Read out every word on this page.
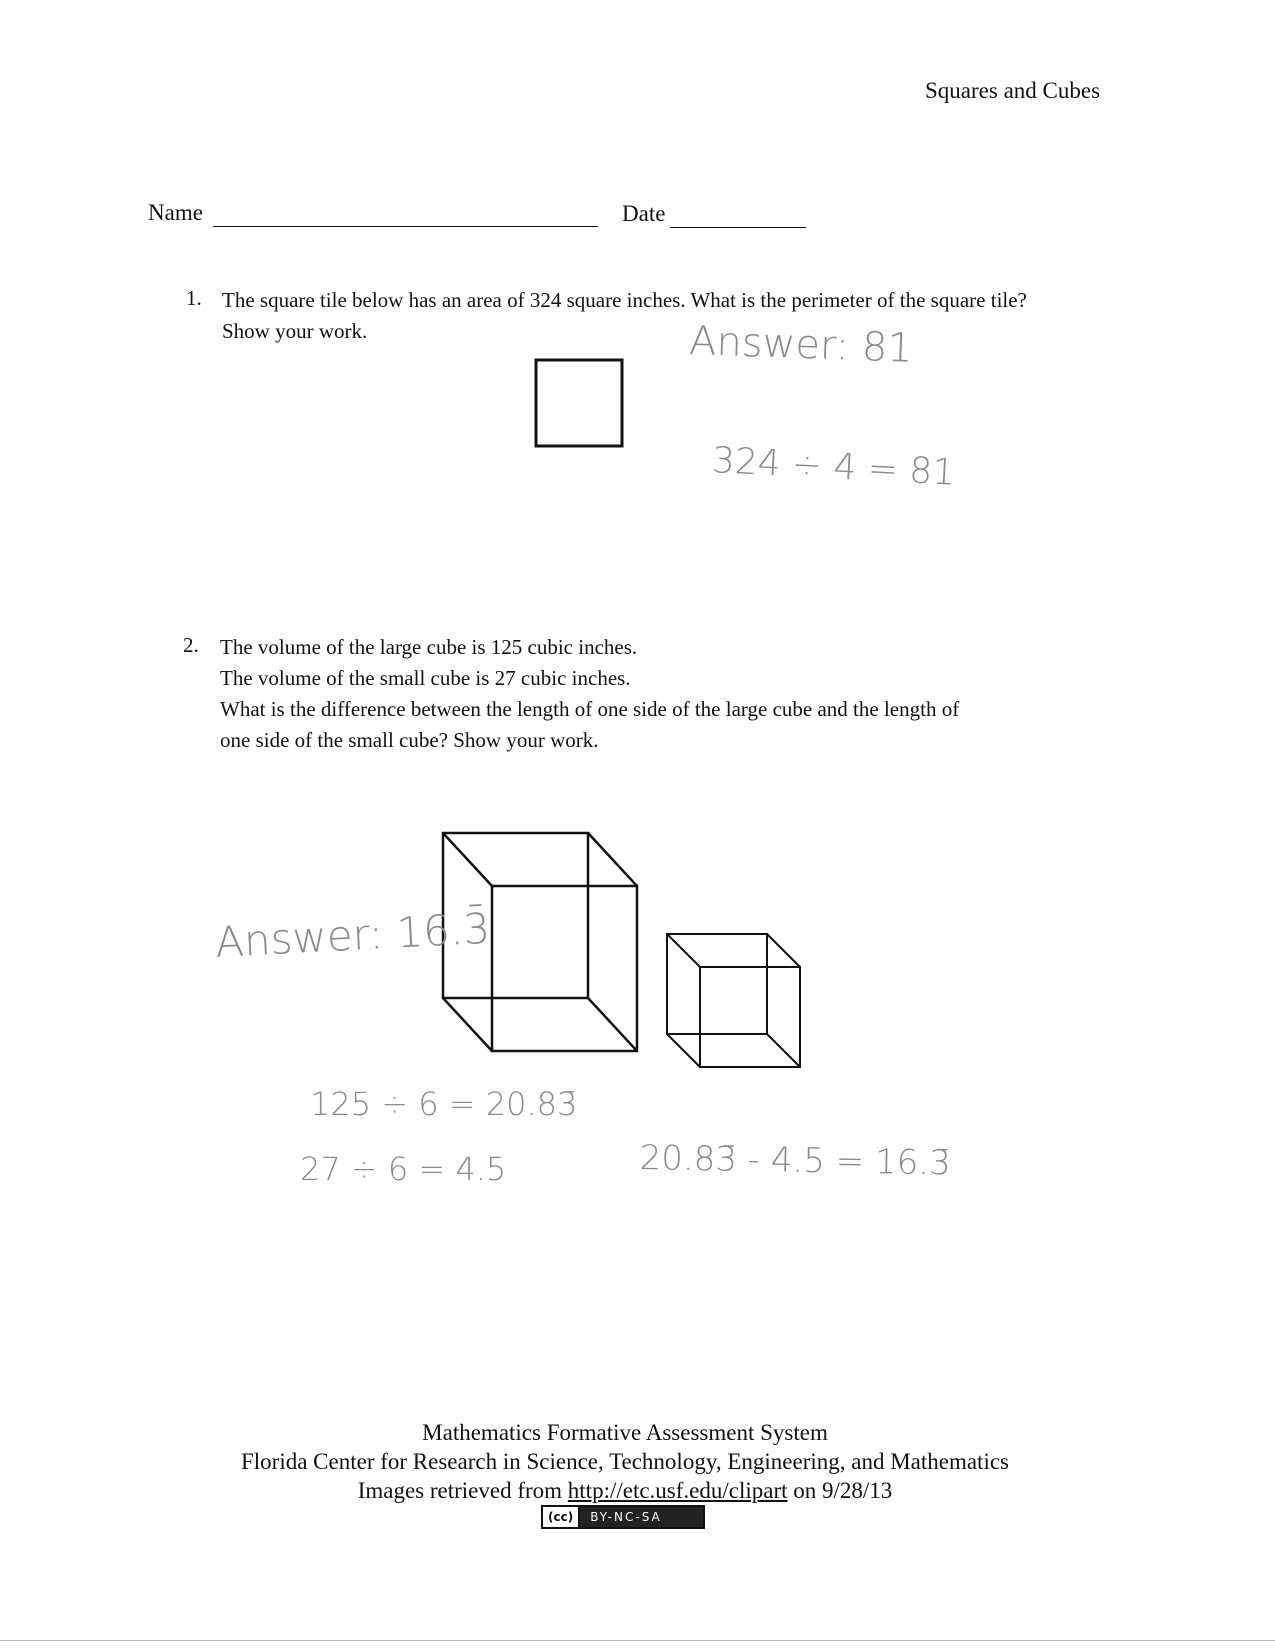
Squares and Cubes
Name	Date
1. The square tile below has an area of 324 square inches. What is the perimeter of the square tile?
Show your work.	Answer: 81
324 ÷ 4 = 81
2. The volume of the large cube is 125 cubic inches.
The volume of the small cube is 27 cubic inches.
What is the difference between the length of one side of the large cube and the length of
one side of the small cube? Show your work.
Answer: 16.3̄
125 ÷ 6 = 20.83̄
27 ÷ 6 = 4.5	20.83̄ - 4.5 = 16.3̄
Mathematics Formative Assessment System
Florida Center for Research in Science, Technology, Engineering, and Mathematics
Images retrieved from http://etc.usf.edu/clipart on 9/28/13
(cc)	BY-NC-SA
